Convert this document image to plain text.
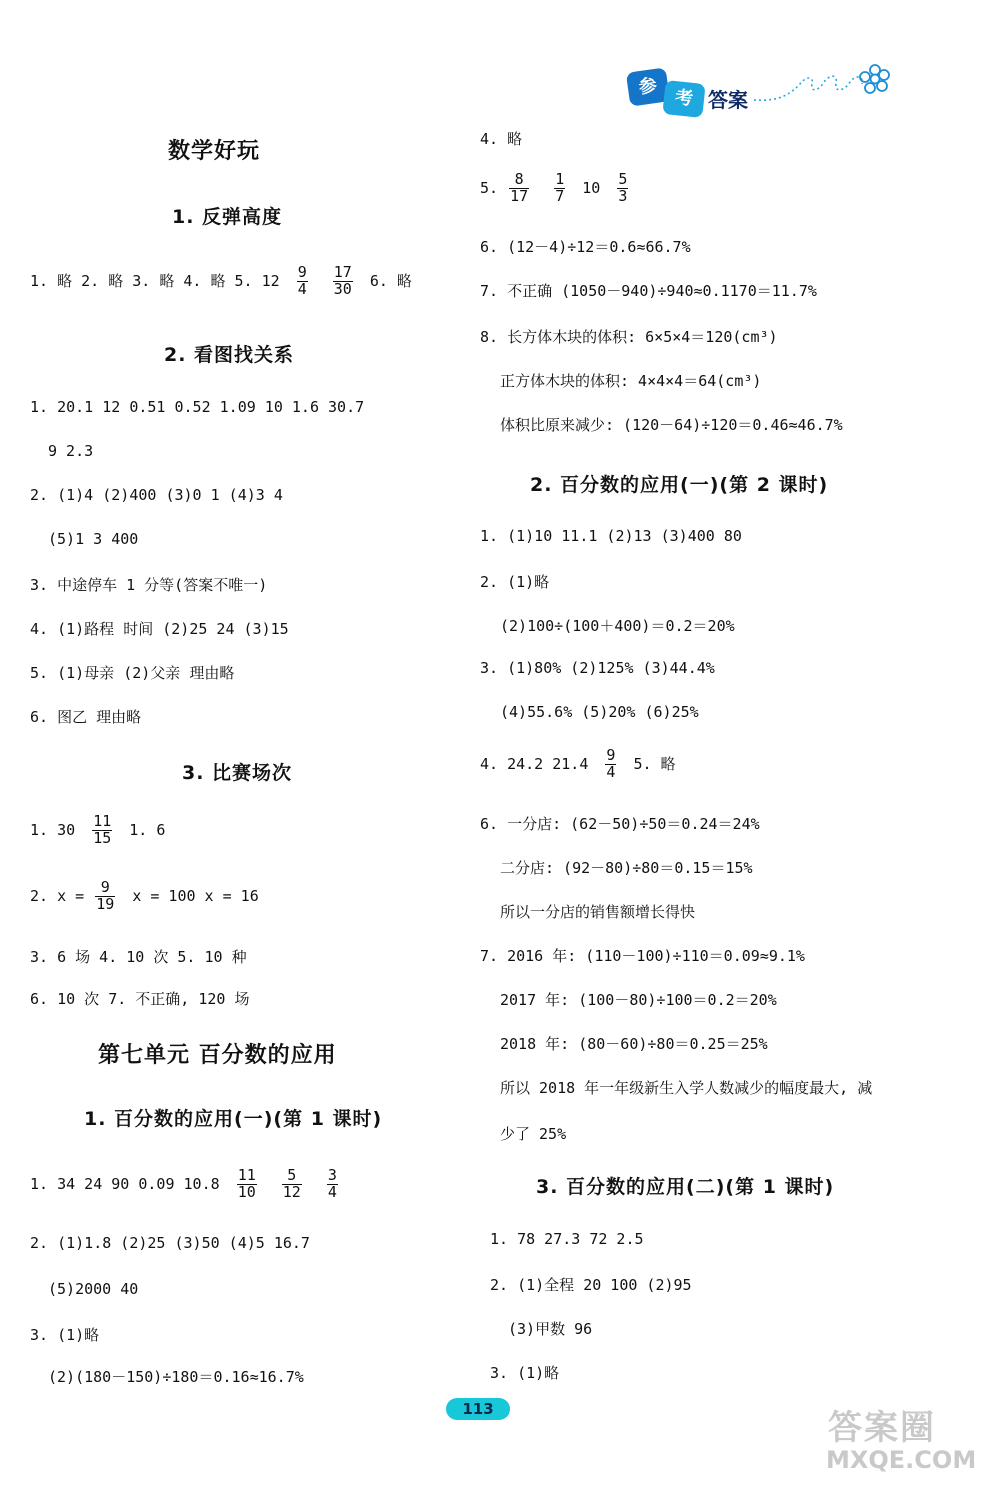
参
考 答案
数学好玩
1. 反弹高度
1. 略 2. 略 3. 略 4. 略 5. $12 \frac{9}{4}$
$\frac{17}{30} 6$. 略
2. 看图找关系
1. 20.1 12 0.51 0.52 1.09 10 1.6 30.7
9 2.3
2. (1)4 (2)400 (3)0 1 (4)3 4
(5)1 3 400
3. 中途停车 1 分等(答案不唯一)
4. (1)路程 时间 (2)25 24 (3)15
5. (1)母亲 (2)父亲 理由略
6. 图乙 理由略
3. 比赛场次
1. $30 \frac{11}{15} 1$. 6
2. $x = \frac{9}{19}$ x = 100 x = 16
3. 6 场 4. 10 次 5. 10 种
6. 10 次 7. 不正确, 120 场
第七单元 百分数的应用
1. 百分数的应用(一)(第 1 课时)
1. 34 24 90 0.09 $10.8 \frac{11}{10}$
$\frac{5}{12}$
$\frac{3}{4}$
2. (1)1.8 (2)25 (3)50 (4)5 16.7
(5)2000 40
3. (1)略
(2)(180－150)÷180＝0.16≈16.7%
4. 略
5. $\frac{8}{17}$
$\frac{1}{7} 10 \frac{5}{3}$
6. (12－4)÷12＝0.6≈66.7%
7. 不正确 (1050－940)÷940≈0.1170＝11.7%
8. 长方体木块的体积: 6×5×4＝120(cm³)
正方体木块的体积: 4×4×4＝64(cm³)
体积比原来减少: (120－64)÷120＝0.46≈46.7%
2. 百分数的应用(一)(第 2 课时)
1. (1)10 11.1 (2)13 (3)400 80
2. (1)略
(2)100÷(100＋400)＝0.2＝20%
3. (1)80% (2)125% (3)44.4%
(4)55.6% (5)20% (6)25%
4. 24.2 $21.4 \frac{9}{4} 5$. 略
6. 一分店: (62－50)÷50＝0.24＝24%
二分店: (92－80)÷80＝0.15＝15%
所以一分店的销售额增长得快
7. 2016 年: (110－100)÷110＝0.09≈9.1%
2017 年: (100－80)÷100＝0.2＝20%
2018 年: (80－60)÷80＝0.25＝25%
所以 2018 年一年级新生入学人数减少的幅度最大, 减
少了 25%
3. 百分数的应用(二)(第 1 课时)
1. 78 27.3 72 2.5
2. (1)全程 20 100 (2)95
(3)甲数 96
3. (1)略
113	答案圈
MXQE.COM
